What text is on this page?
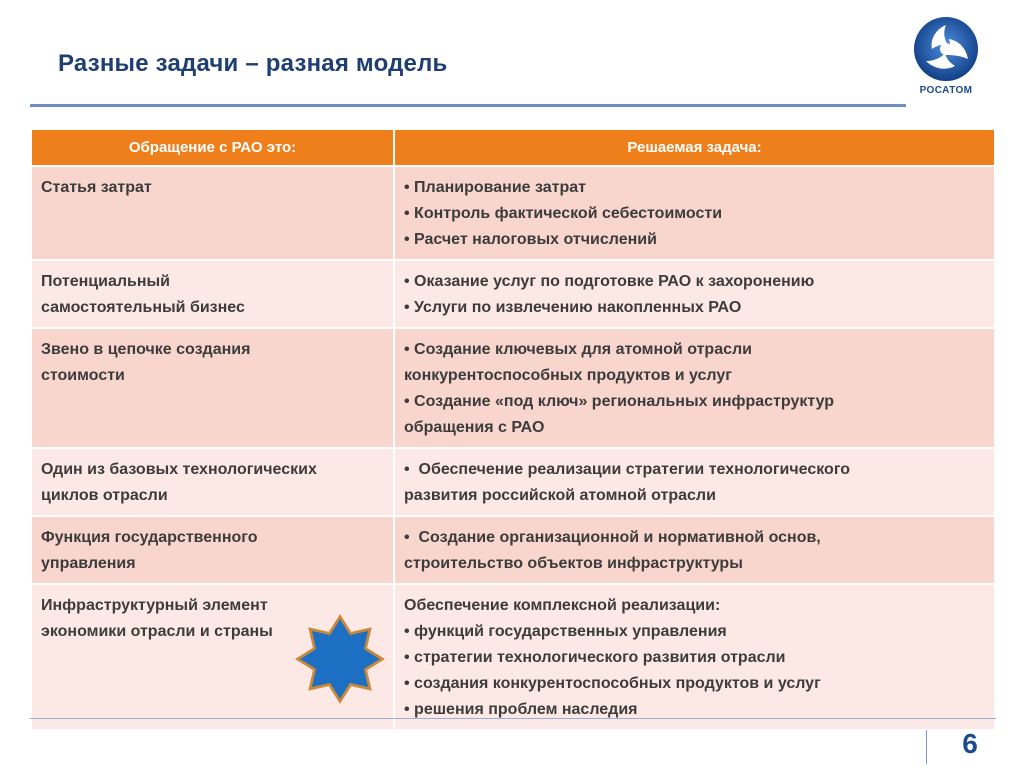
Разные задачи – разная модель
РОСАТОМ
Обращение с РАО это:	Решаемая задача:

Статья затрат	• Планирование затрат
• Контроль фактической себестоимости
• Расчет налоговых отчислений

Потенциальный
самостоятельный бизнес	• Оказание услуг по подготовке РАО к захоронению
• Услуги по извлечению накопленных РАО

Звено в цепочке создания
стоимости	• Создание ключевых для атомной отрасли
конкурентоспособных продуктов и услуг
• Создание «под ключ» региональных инфраструктур
обращения с РАО

Один из базовых технологических
циклов отрасли	•  Обеспечение реализации стратегии технологического
развития российской атомной отрасли

Функция государственного
управления	•  Создание организационной и нормативной основ,
строительство объектов инфраструктуры

Инфраструктурный элемент
экономики отрасли и страны	Обеспечение комплексной реализации:
• функций государственных управления
• стратегии технологического развития отрасли
• создания конкурентоспособных продуктов и услуг
• решения проблем наследия
6
